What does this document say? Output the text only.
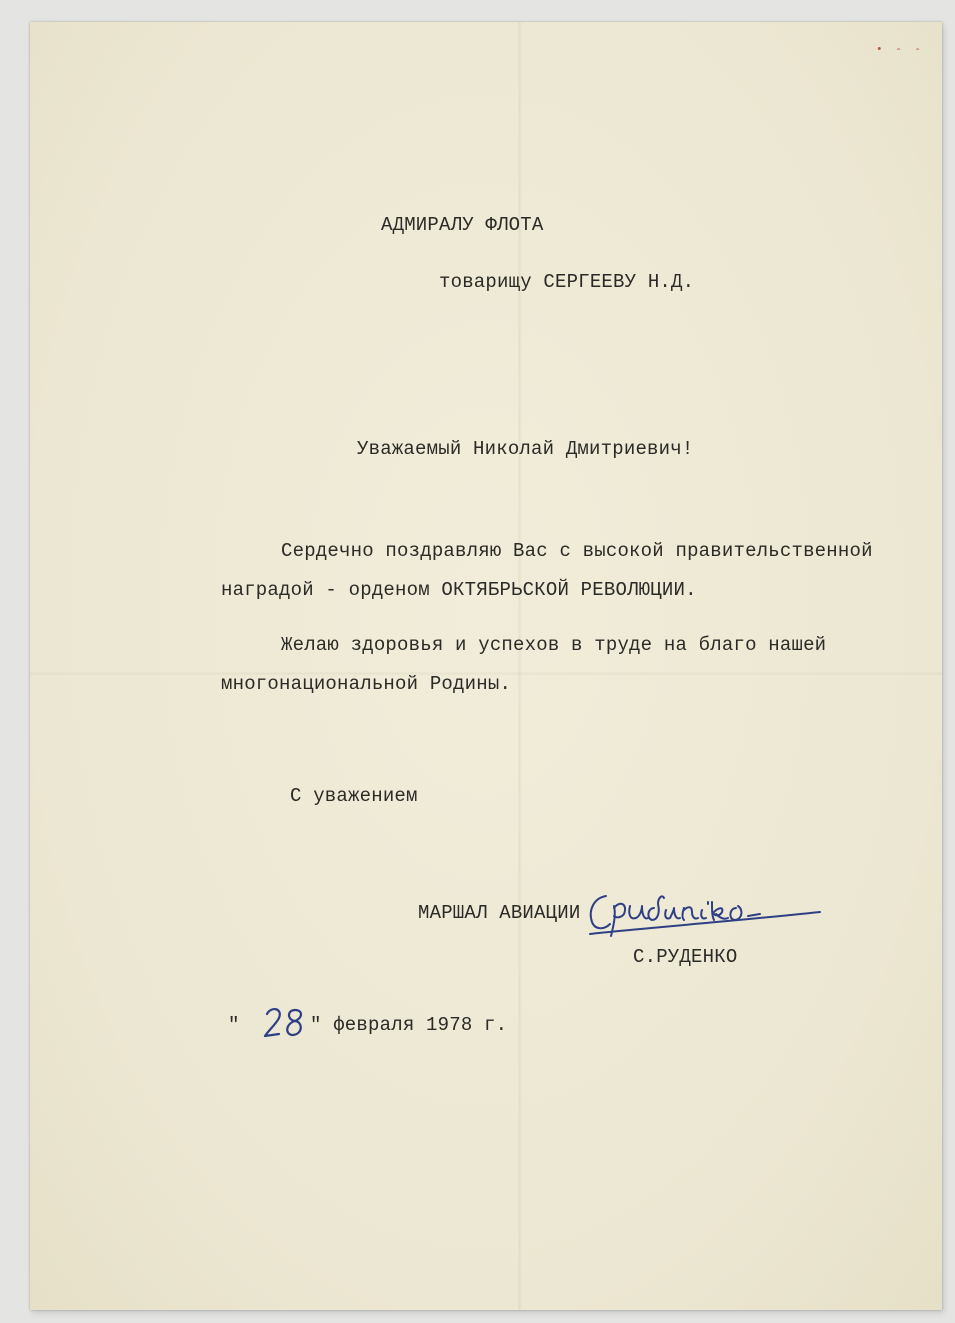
• - -
АДМИРАЛУ ФЛОТА
товарищу СЕРГЕЕВУ Н.Д.
Уважаемый Николай Дмитриевич!
Сердечно поздравляю Вас с высокой правительственной
наградой - орденом ОКТЯБРЬСКОЙ РЕВОЛЮЦИИ.
Желаю здоровья и успехов в труде на благо нашей
многонациональной Родины.
С уважением
МАРШАЛ АВИАЦИИ
С.РУДЕНКО
"	" февраля 1978 г.
